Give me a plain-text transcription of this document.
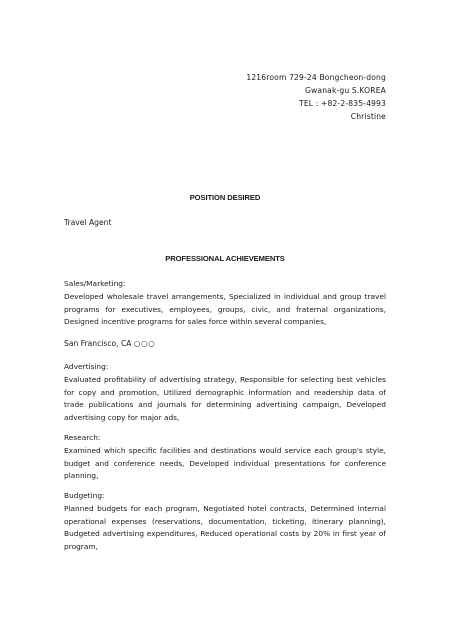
1216room 729-24 Bongcheon-dong
Gwanak-gu S.KOREA
TEL : +82-2-835-4993
Christine
POSITION DESIRED
Travel Agent
PROFESSIONAL ACHIEVEMENTS
Sales/Marketing:
Developed wholesale travel arrangements, Specialized in individual and group travel programs for executives, employees, groups, civic, and fraternal organizations, Designed incentive programs for sales force within several companies,
San Francisco, CA ○○○
Advertising:
Evaluated profitability of advertising strategy, Responsible for selecting best vehicles for copy and promotion, Utilized demographic information and readership data of trade publications and journals for determining advertising campaign, Developed advertising copy for major ads,
Research:
Examined which specific facilities and destinations would service each group's style, budget and conference needs, Developed individual presentations for conference planning,
Budgeting:
Planned budgets for each program, Negotiated hotel contracts, Determined internal operational expenses (reservations, documentation, ticketing, itinerary planning), Budgeted advertising expenditures, Reduced operational costs by 20% in first year of program,
